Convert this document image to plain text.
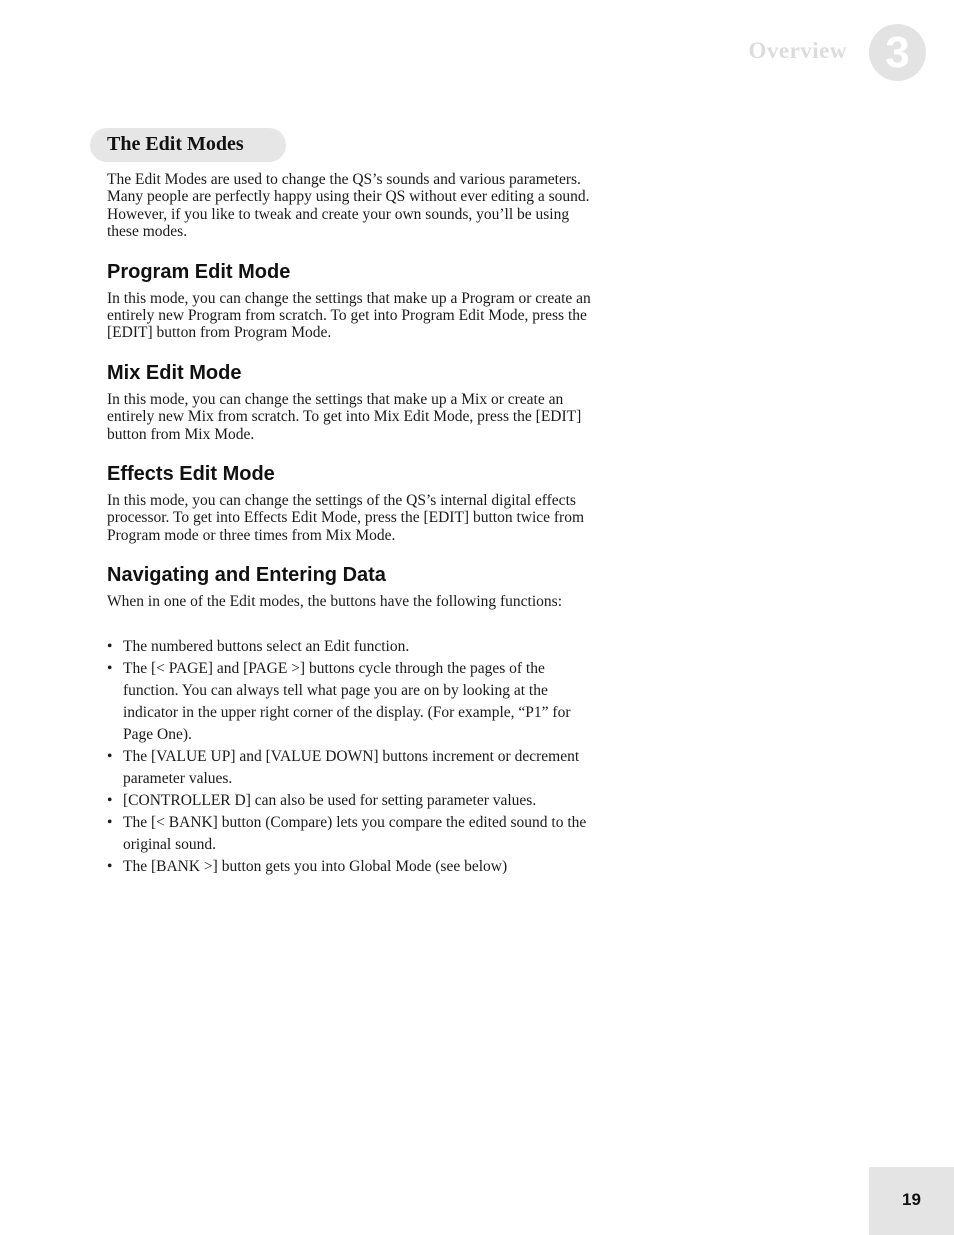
Overview 3
The Edit Modes

The Edit Modes are used to change the QS’s sounds and various parameters. Many people are perfectly happy using their QS without ever editing a sound. However, if you like to tweak and create your own sounds, you’ll be using these modes.

Program Edit Mode

In this mode, you can change the settings that make up a Program or create an entirely new Program from scratch. To get into Program Edit Mode, press the [EDIT] button from Program Mode.

Mix Edit Mode

In this mode, you can change the settings that make up a Mix or create an entirely new Mix from scratch. To get into Mix Edit Mode, press the [EDIT] button from Mix Mode.

Effects Edit Mode

In this mode, you can change the settings of the QS’s internal digital effects processor. To get into Effects Edit Mode, press the [EDIT] button twice from Program mode or three times from Mix Mode.

Navigating and Entering Data

When in one of the Edit modes, the buttons have the following functions:

• The numbered buttons select an Edit function.
• The [< PAGE] and [PAGE >] buttons cycle through the pages of the function. You can always tell what page you are on by looking at the indicator in the upper right corner of the display. (For example, “P1” for Page One).
• The [VALUE UP] and [VALUE DOWN] buttons increment or decrement parameter values.
• [CONTROLLER D] can also be used for setting parameter values.
• The [< BANK] button (Compare) lets you compare the edited sound to the original sound.
• The [BANK >] button gets you into Global Mode (see below)
19
